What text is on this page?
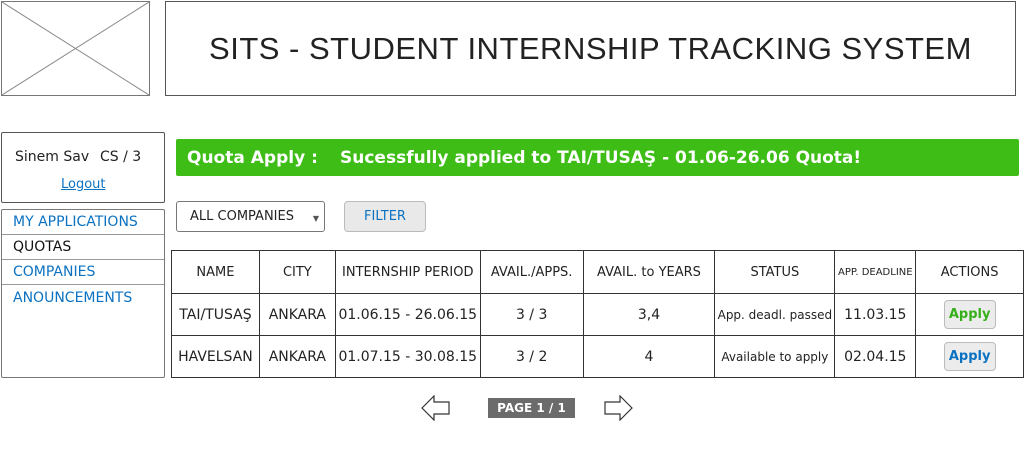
SITS - STUDENT INTERNSHIP TRACKING SYSTEM
Sinem Sav CS / 3
Logout
MY APPLICATIONS
QUOTAS
COMPANIES
ANOUNCEMENTS
Quota Apply :	Sucessfully applied to TAI/TUSAŞ - 01.06-26.06 Quota!
ALL COMPANIES ▼	FILTER
NAME	CITY	INTERNSHIP PERIOD	AVAIL./APPS.	AVAIL. to YEARS	STATUS	APP. DEADLINE	ACTIONS
TAI/TUSAŞ	ANKARA	01.06.15 - 26.06.15	3 / 3	3,4	App. deadl. passed	11.03.15	Apply
HAVELSAN	ANKARA	01.07.15 - 30.08.15	3 / 2	4	Available to apply	02.04.15	Apply
PAGE 1 / 1
